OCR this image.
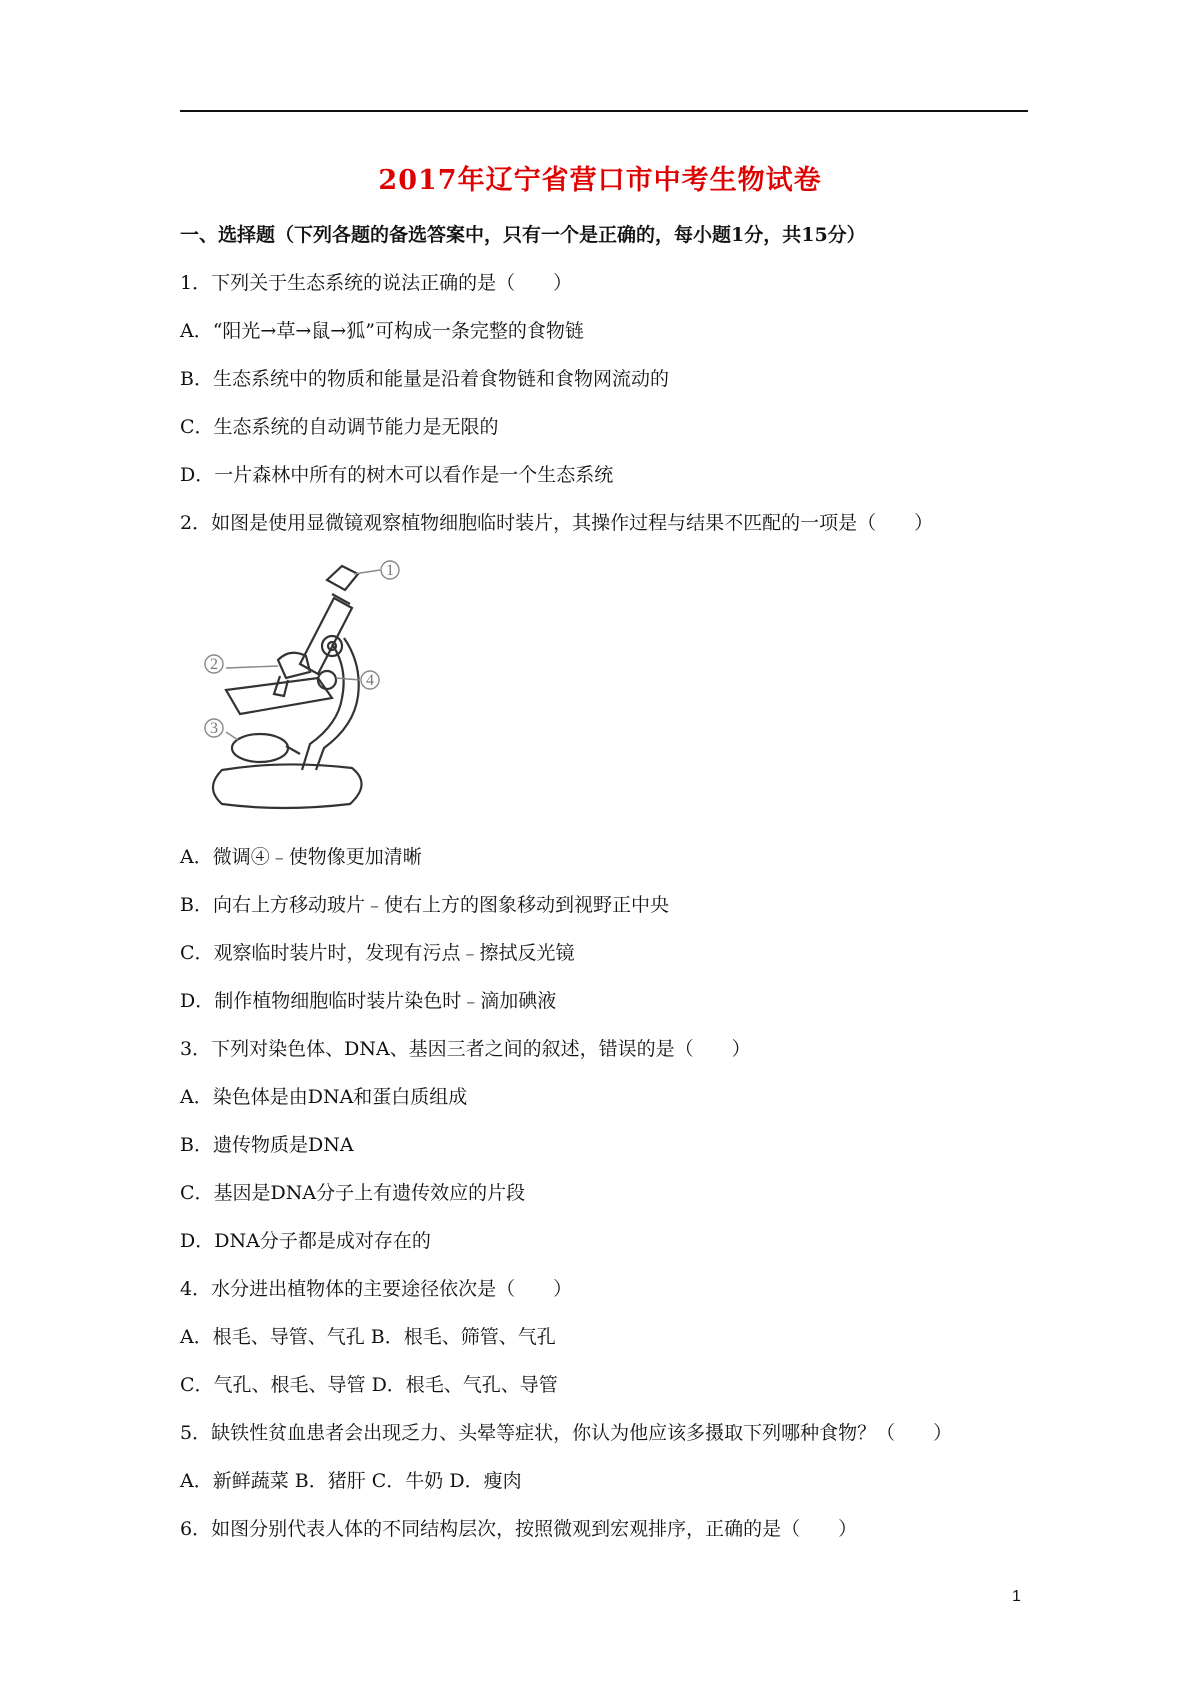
2017年辽宁省营口市中考生物试卷
一、选择题（下列各题的备选答案中，只有一个是正确的，每小题1分，共15分）
1．下列关于生态系统的说法正确的是（　　）
A．“阳光→草→鼠→狐”可构成一条完整的食物链
B．生态系统中的物质和能量是沿着食物链和食物网流动的
C．生态系统的自动调节能力是无限的
D．一片森林中所有的树木可以看作是一个生态系统
2．如图是使用显微镜观察植物细胞临时装片，其操作过程与结果不匹配的一项是（　　）
1
2
3
4
A．微调④﹣使物像更加清晰
B．向右上方移动玻片﹣使右上方的图象移动到视野正中央
C．观察临时装片时，发现有污点﹣擦拭反光镜
D．制作植物细胞临时装片染色时﹣滴加碘液
3．下列对染色体、DNA、基因三者之间的叙述，错误的是（　　）
A．染色体是由DNA和蛋白质组成
B．遗传物质是DNA
C．基因是DNA分子上有遗传效应的片段
D．DNA分子都是成对存在的
4．水分进出植物体的主要途径依次是（　　）
A．根毛、导管、气孔 B．根毛、筛管、气孔
C．气孔、根毛、导管 D．根毛、气孔、导管
5．缺铁性贫血患者会出现乏力、头晕等症状，你认为他应该多摄取下列哪种食物？（　　）
A．新鲜蔬菜 B．猪肝 C．牛奶 D．瘦肉
6．如图分别代表人体的不同结构层次，按照微观到宏观排序，正确的是（　　）
1
